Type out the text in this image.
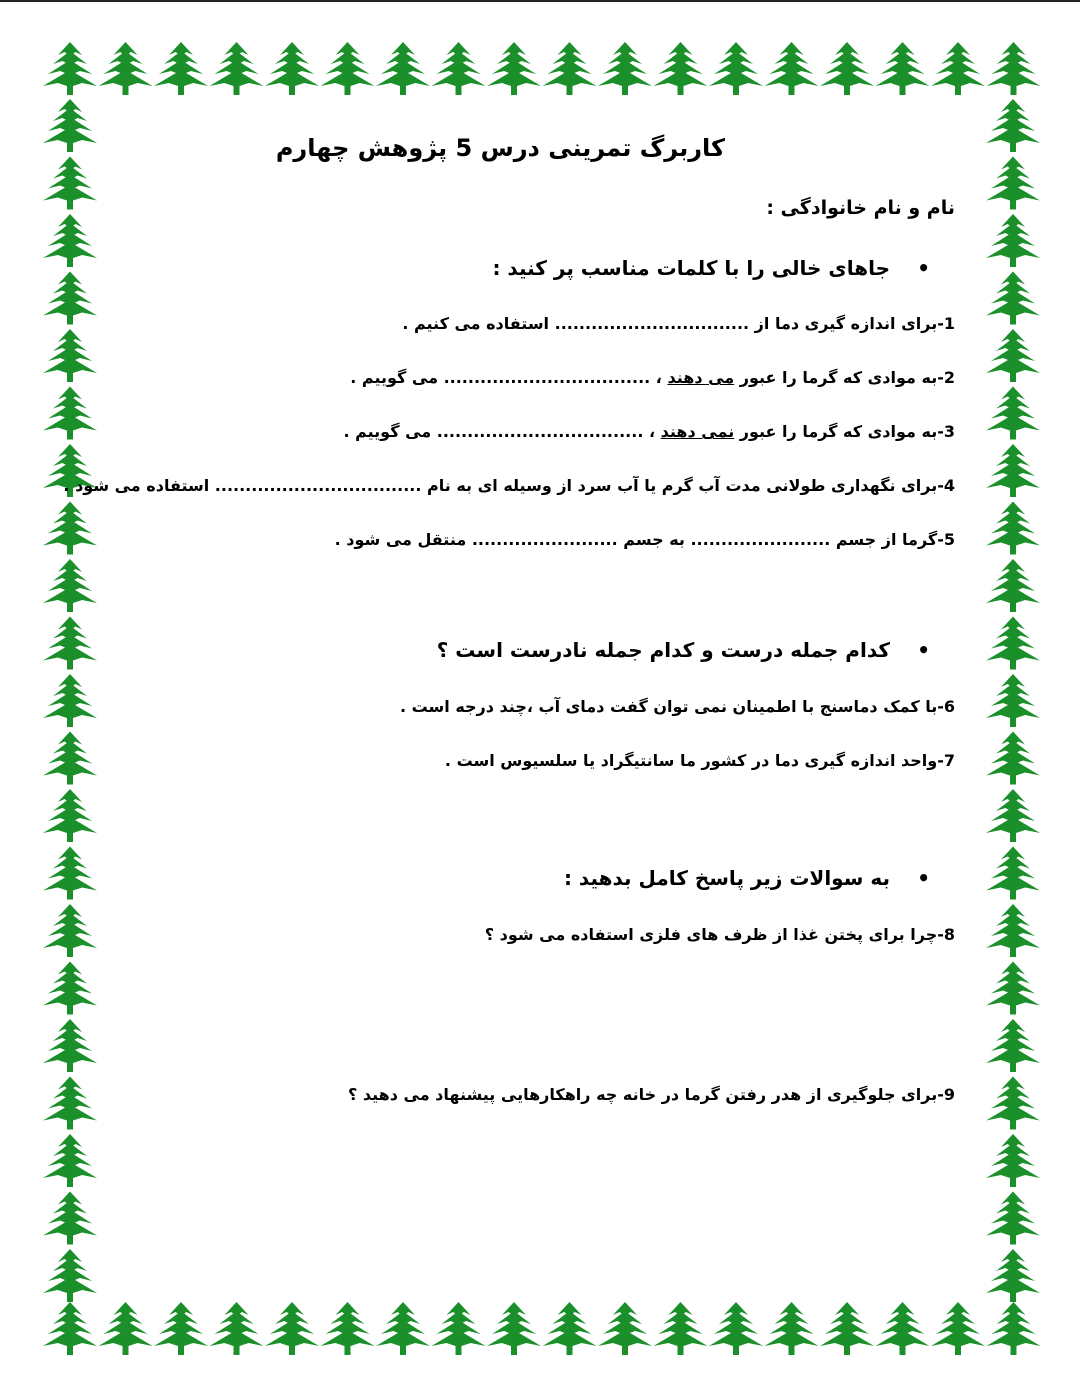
کاربرگ تمرینی درس 5 پژوهش چهارم
نام و نام خانوادگی :
•
جاهای خالی را با کلمات مناسب پر کنید :
1-برای اندازه گیری دما از ................................ استفاده می کنیم .
2-به موادی که گرما را عبور می دهند ، .................................. می گوییم .
3-به موادی که گرما را عبور نمی دهند ، .................................. می گوییم .
4-برای نگهداری طولانی مدت آب گرم یا آب سرد از وسیله ای به نام .................................. استفاده می شود .
5-گرما از جسم ....................... به جسم ........................ منتقل می شود .
•
کدام جمله درست و کدام جمله نادرست است ؟
6-با کمک دماسنج با اطمینان نمی توان گفت دمای آب ،چند درجه است .
7-واحد اندازه گیری دما در کشور ما سانتیگراد یا سلسیوس است .
•
به سوالات زیر پاسخ کامل بدهید :
8-چرا برای پختن غذا از ظرف های فلزی استفاده می شود ؟
9-برای جلوگیری از هدر رفتن گرما در خانه چه راهکارهایی پیشنهاد می دهید ؟
